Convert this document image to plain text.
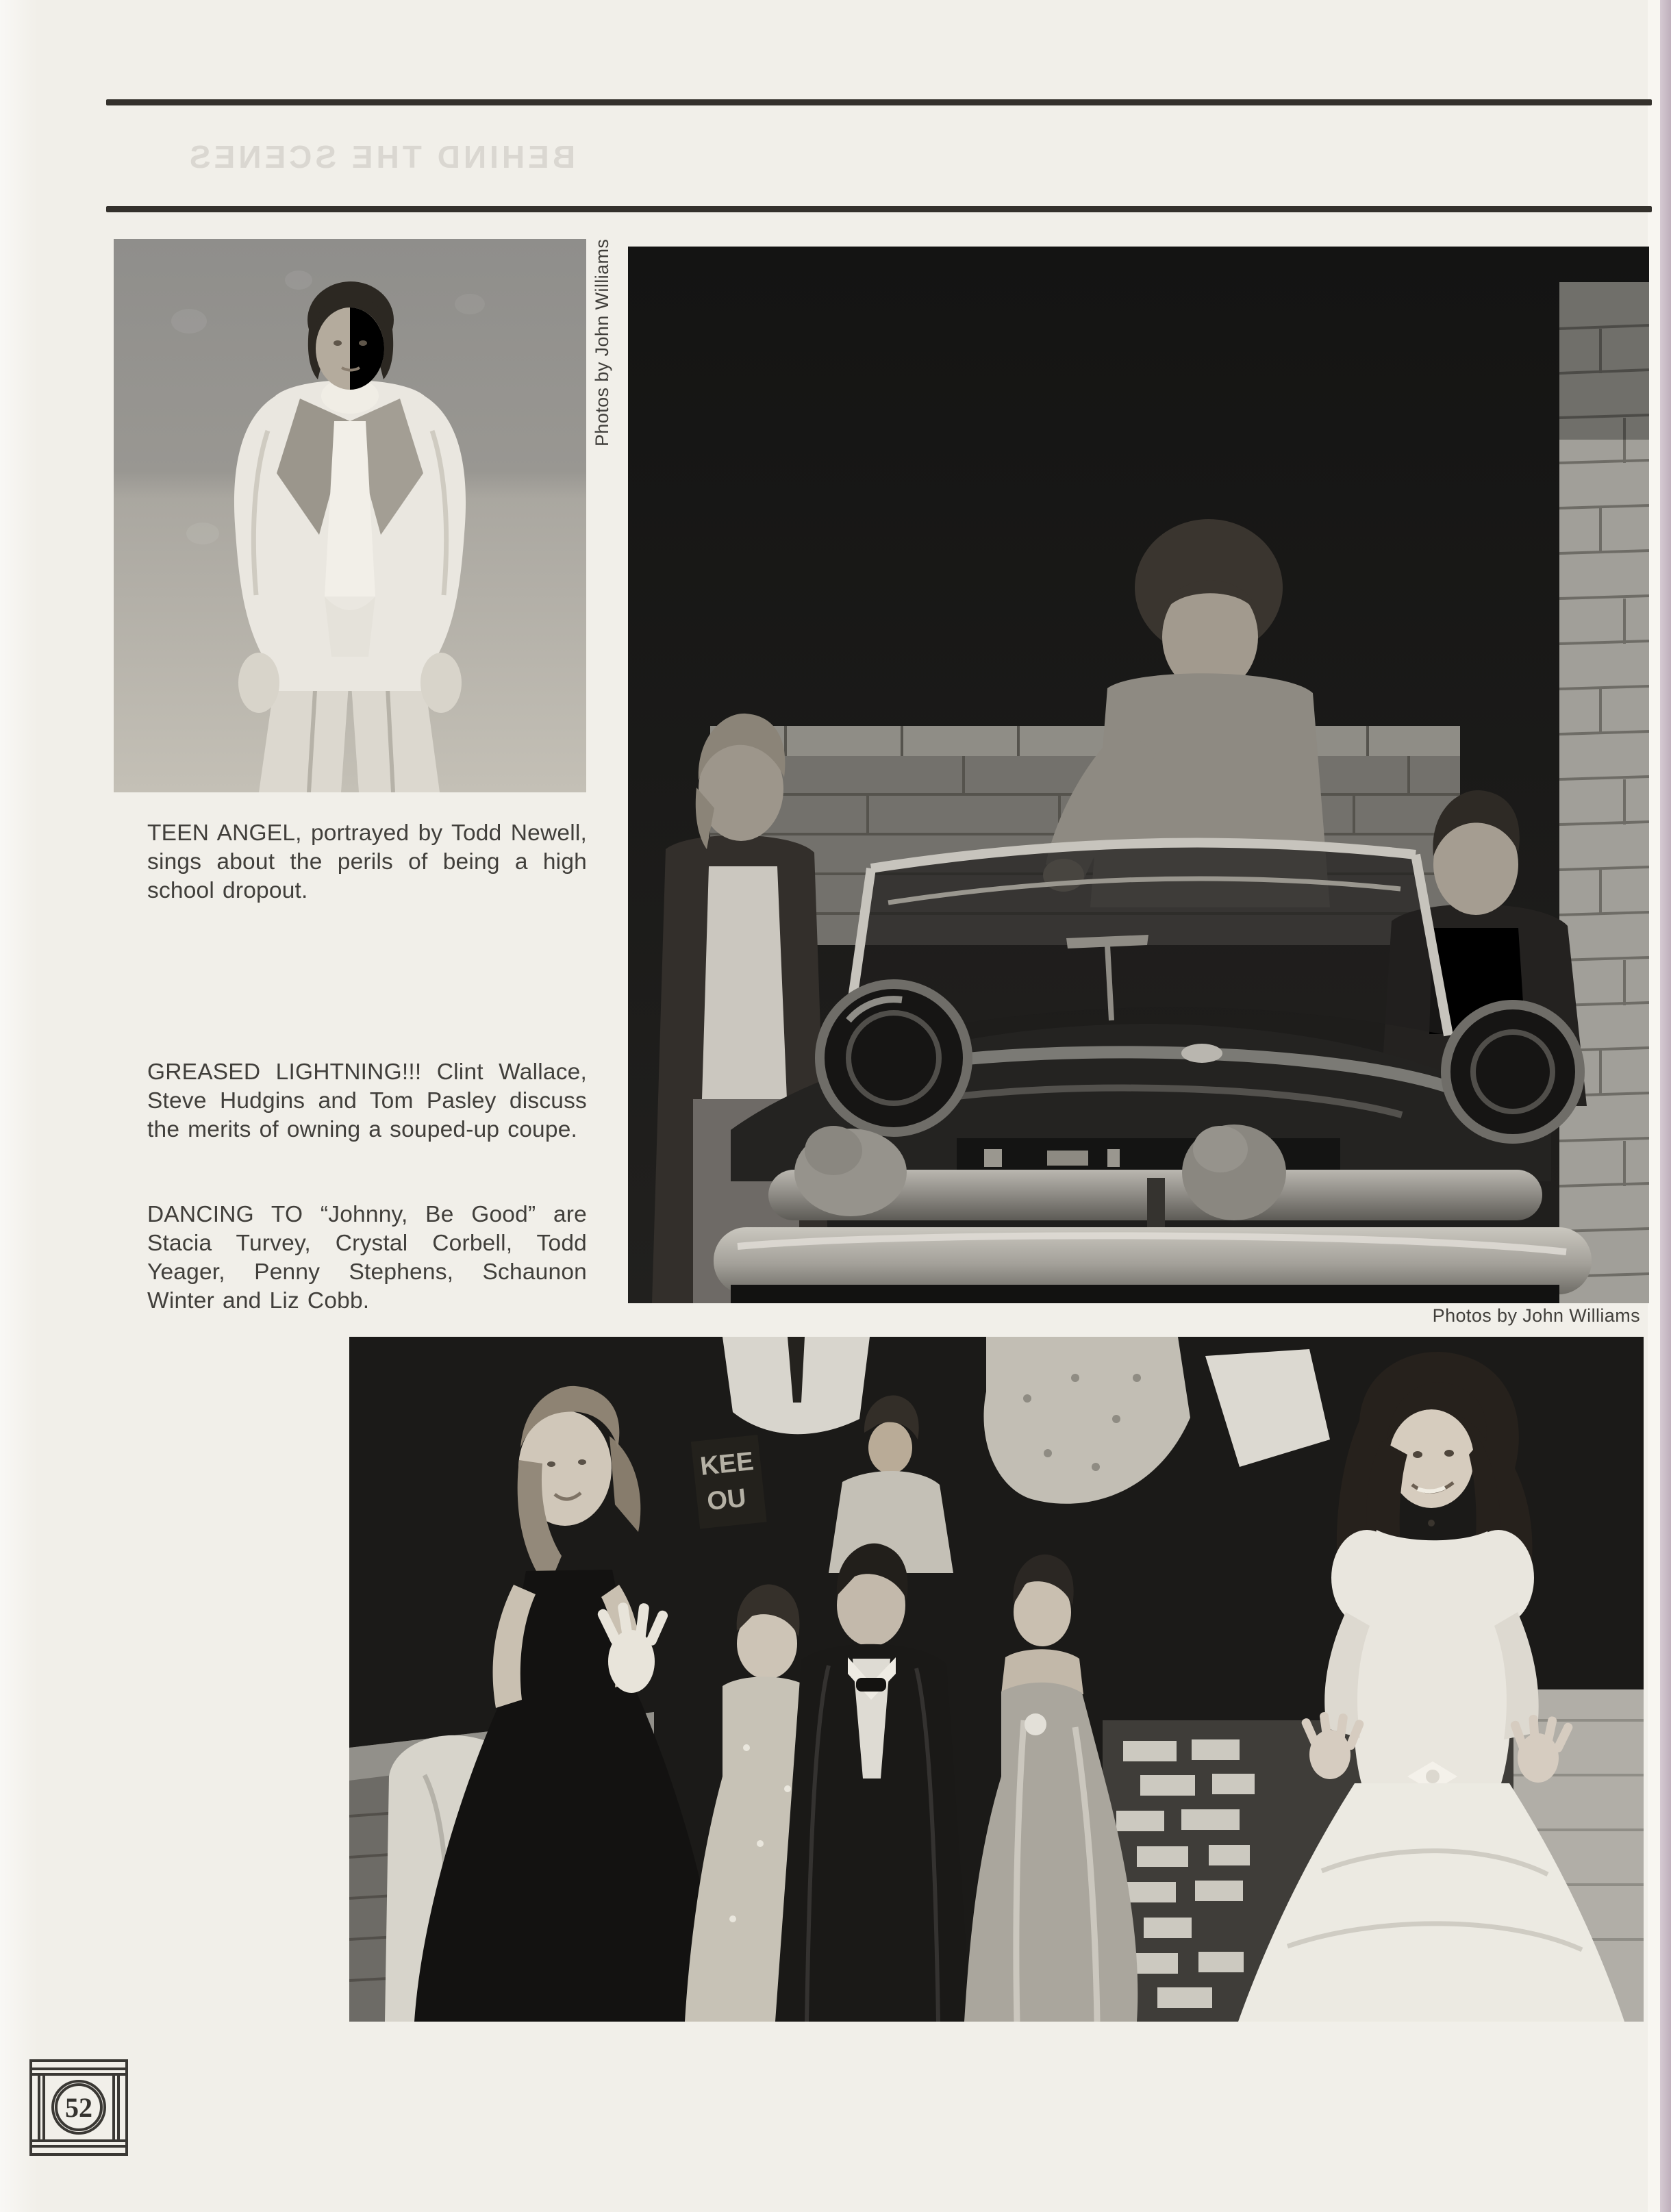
BEHIND THE SCENES
Photos by John Williams
TEEN ANGEL, portrayed by Todd Newell, sings about the perils of being a high school dropout.
GREASED LIGHTNING!!! Clint Wallace, Steve Hudgins and Tom Pasley discuss the merits of owning a souped-up coupe.
DANCING TO “Johnny, Be Good” are Stacia Turvey, Crystal Corbell, Todd Yeager, Penny Stephens, Schaunon Winter and Liz Cobb.
Photos by John Williams
KEE
OU
52
